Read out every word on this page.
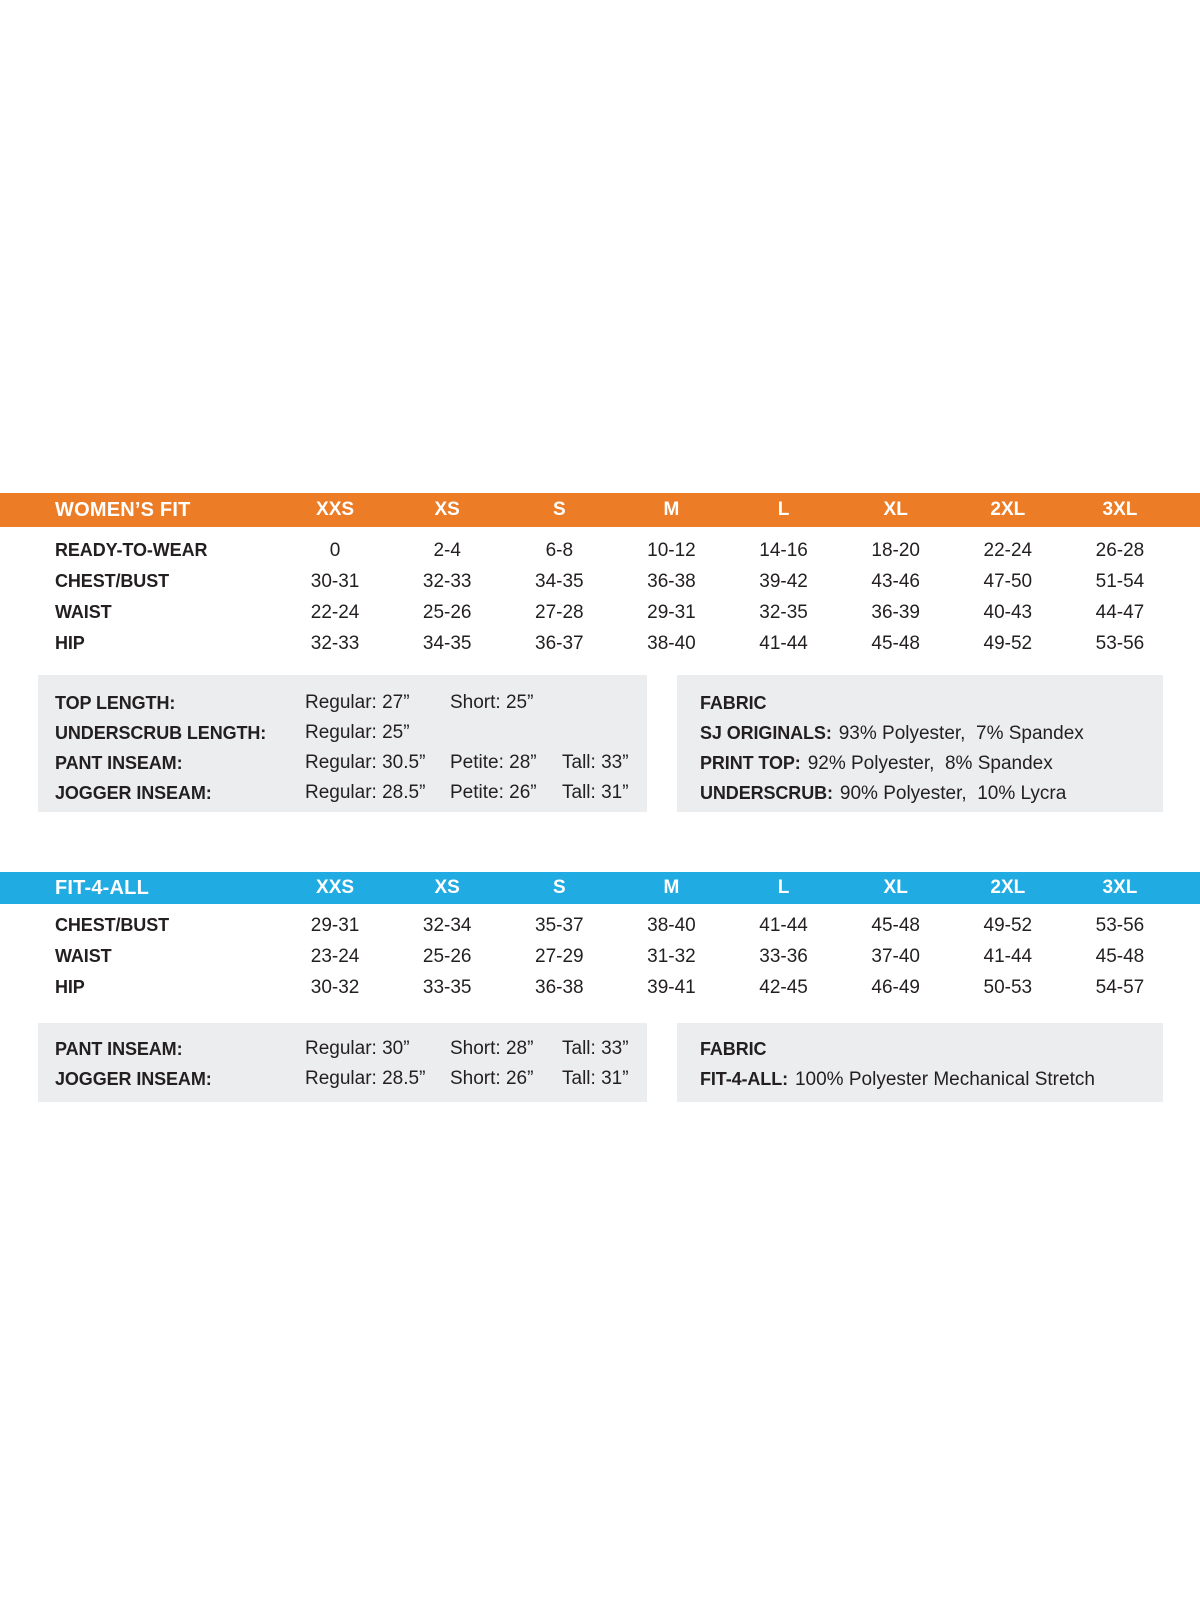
WOMEN’S FIT	XXS	XS	S	M	L	XL	2XL	3XL
READY-TO-WEAR	0	2-4	6-8	10-12	14-16	18-20	22-24	26-28
CHEST/BUST	30-31	32-33	34-35	36-38	39-42	43-46	47-50	51-54
WAIST	22-24	25-26	27-28	29-31	32-35	36-39	40-43	44-47
HIP	32-33	34-35	36-37	38-40	41-44	45-48	49-52	53-56
TOP LENGTH:	Regular: 27”	Short: 25”
UNDERSCRUB LENGTH:	Regular: 25”
PANT INSEAM:	Regular: 30.5”	Petite: 28”	Tall: 33”
JOGGER INSEAM:	Regular: 28.5”	Petite: 26”	Tall: 31”
FABRIC
SJ ORIGINALS: 93% Polyester,  7% Spandex
PRINT TOP: 92% Polyester,  8% Spandex
UNDERSCRUB: 90% Polyester,  10% Lycra
FIT-4-ALL	XXS	XS	S	M	L	XL	2XL	3XL
CHEST/BUST	29-31	32-34	35-37	38-40	41-44	45-48	49-52	53-56
WAIST	23-24	25-26	27-29	31-32	33-36	37-40	41-44	45-48
HIP	30-32	33-35	36-38	39-41	42-45	46-49	50-53	54-57
PANT INSEAM:	Regular: 30”	Short: 28”	Tall: 33”
JOGGER INSEAM:	Regular: 28.5”	Short: 26”	Tall: 31”
FABRIC
FIT-4-ALL: 100% Polyester Mechanical Stretch
